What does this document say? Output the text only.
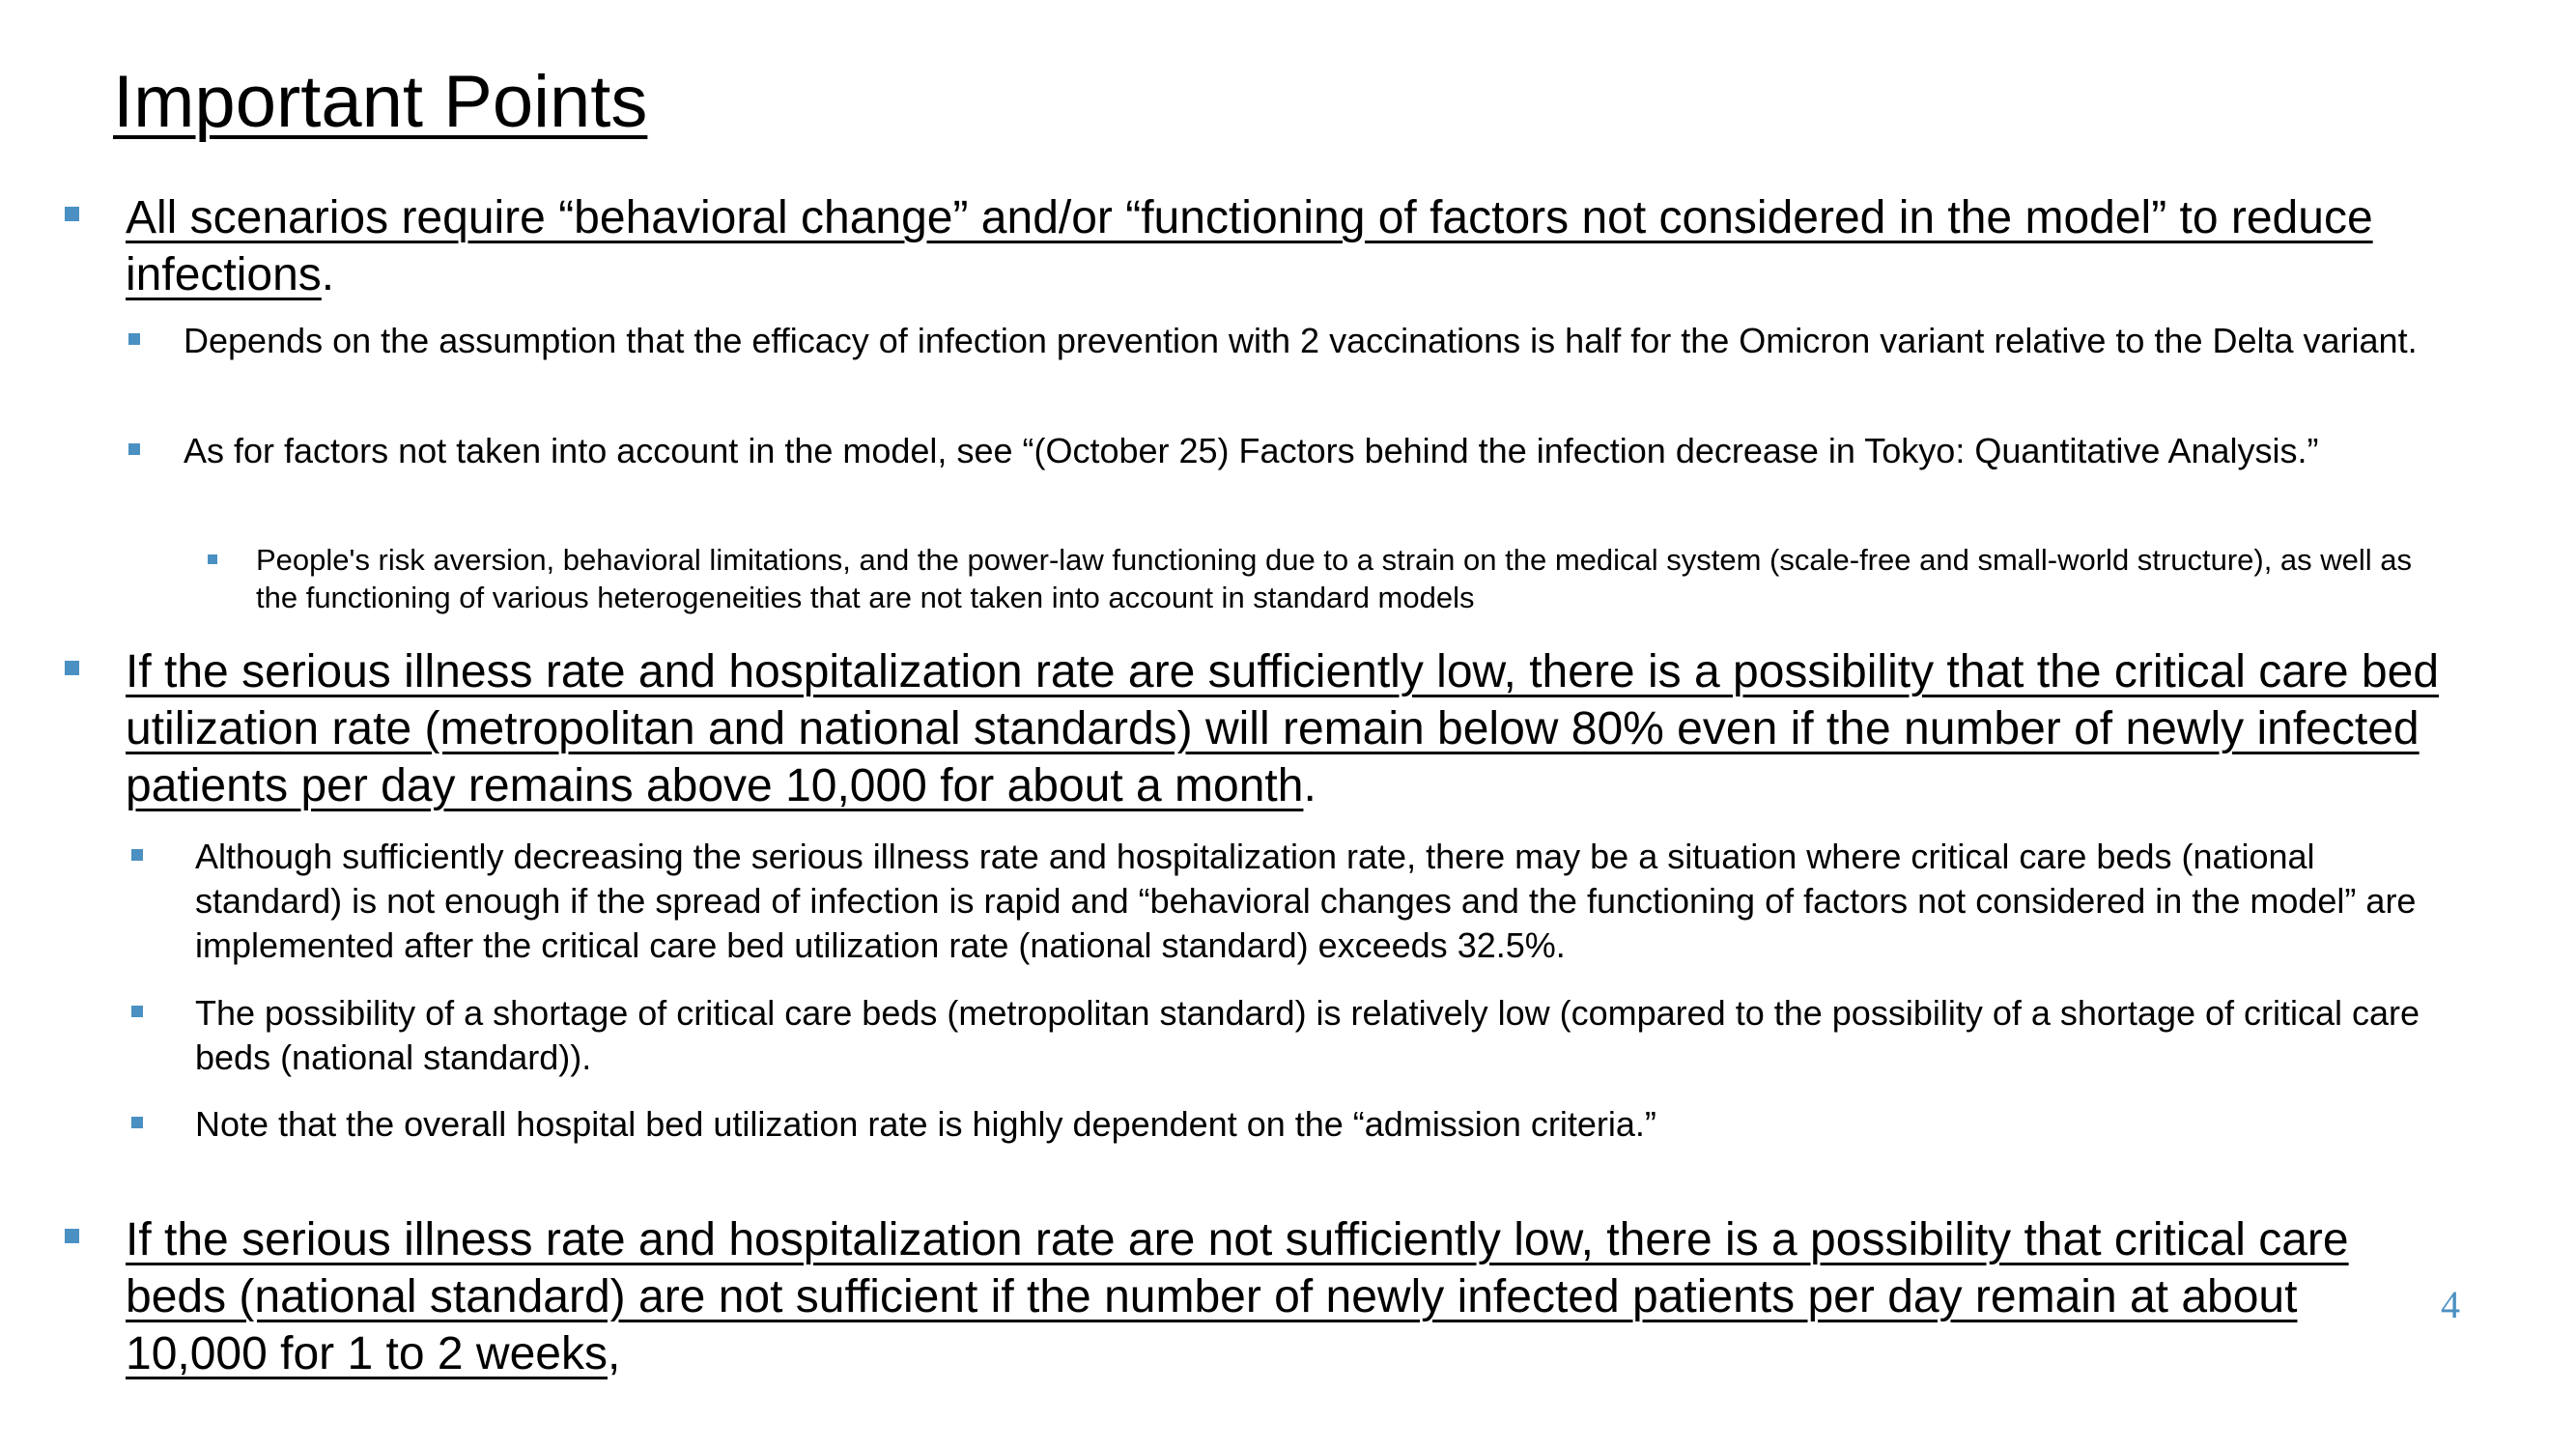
Important Points
All scenarios require “behavioral change” and/or “functioning of factors not considered in the model” to reduce infections.
Depends on the assumption that the efficacy of infection prevention with 2 vaccinations is half for the Omicron variant relative to the Delta variant.
As for factors not taken into account in the model, see “(October 25) Factors behind the infection decrease in Tokyo: Quantitative Analysis.”
People's risk aversion, behavioral limitations, and the power-law functioning due to a strain on the medical system (scale-free and small-world structure), as well as the functioning of various heterogeneities that are not taken into account in standard models
If the serious illness rate and hospitalization rate are sufficiently low, there is a possibility that the critical care bed utilization rate (metropolitan and national standards) will remain below 80% even if the number of newly infected patients per day remains above 10,000 for about a month.
Although sufficiently decreasing the serious illness rate and hospitalization rate, there may be a situation where critical care beds (national standard) is not enough if the spread of infection is rapid and “behavioral changes and the functioning of factors not considered in the model” are implemented after the critical care bed utilization rate (national standard) exceeds 32.5%.
The possibility of a shortage of critical care beds (metropolitan standard) is relatively low (compared to the possibility of a shortage of critical care beds (national standard)).
Note that the overall hospital bed utilization rate is highly dependent on the “admission criteria.”
If the serious illness rate and hospitalization rate are not sufficiently low, there is a possibility that critical care beds (national standard) are not sufficient if the number of newly infected patients per day remain at about 10,000 for 1 to 2 weeks,
4
